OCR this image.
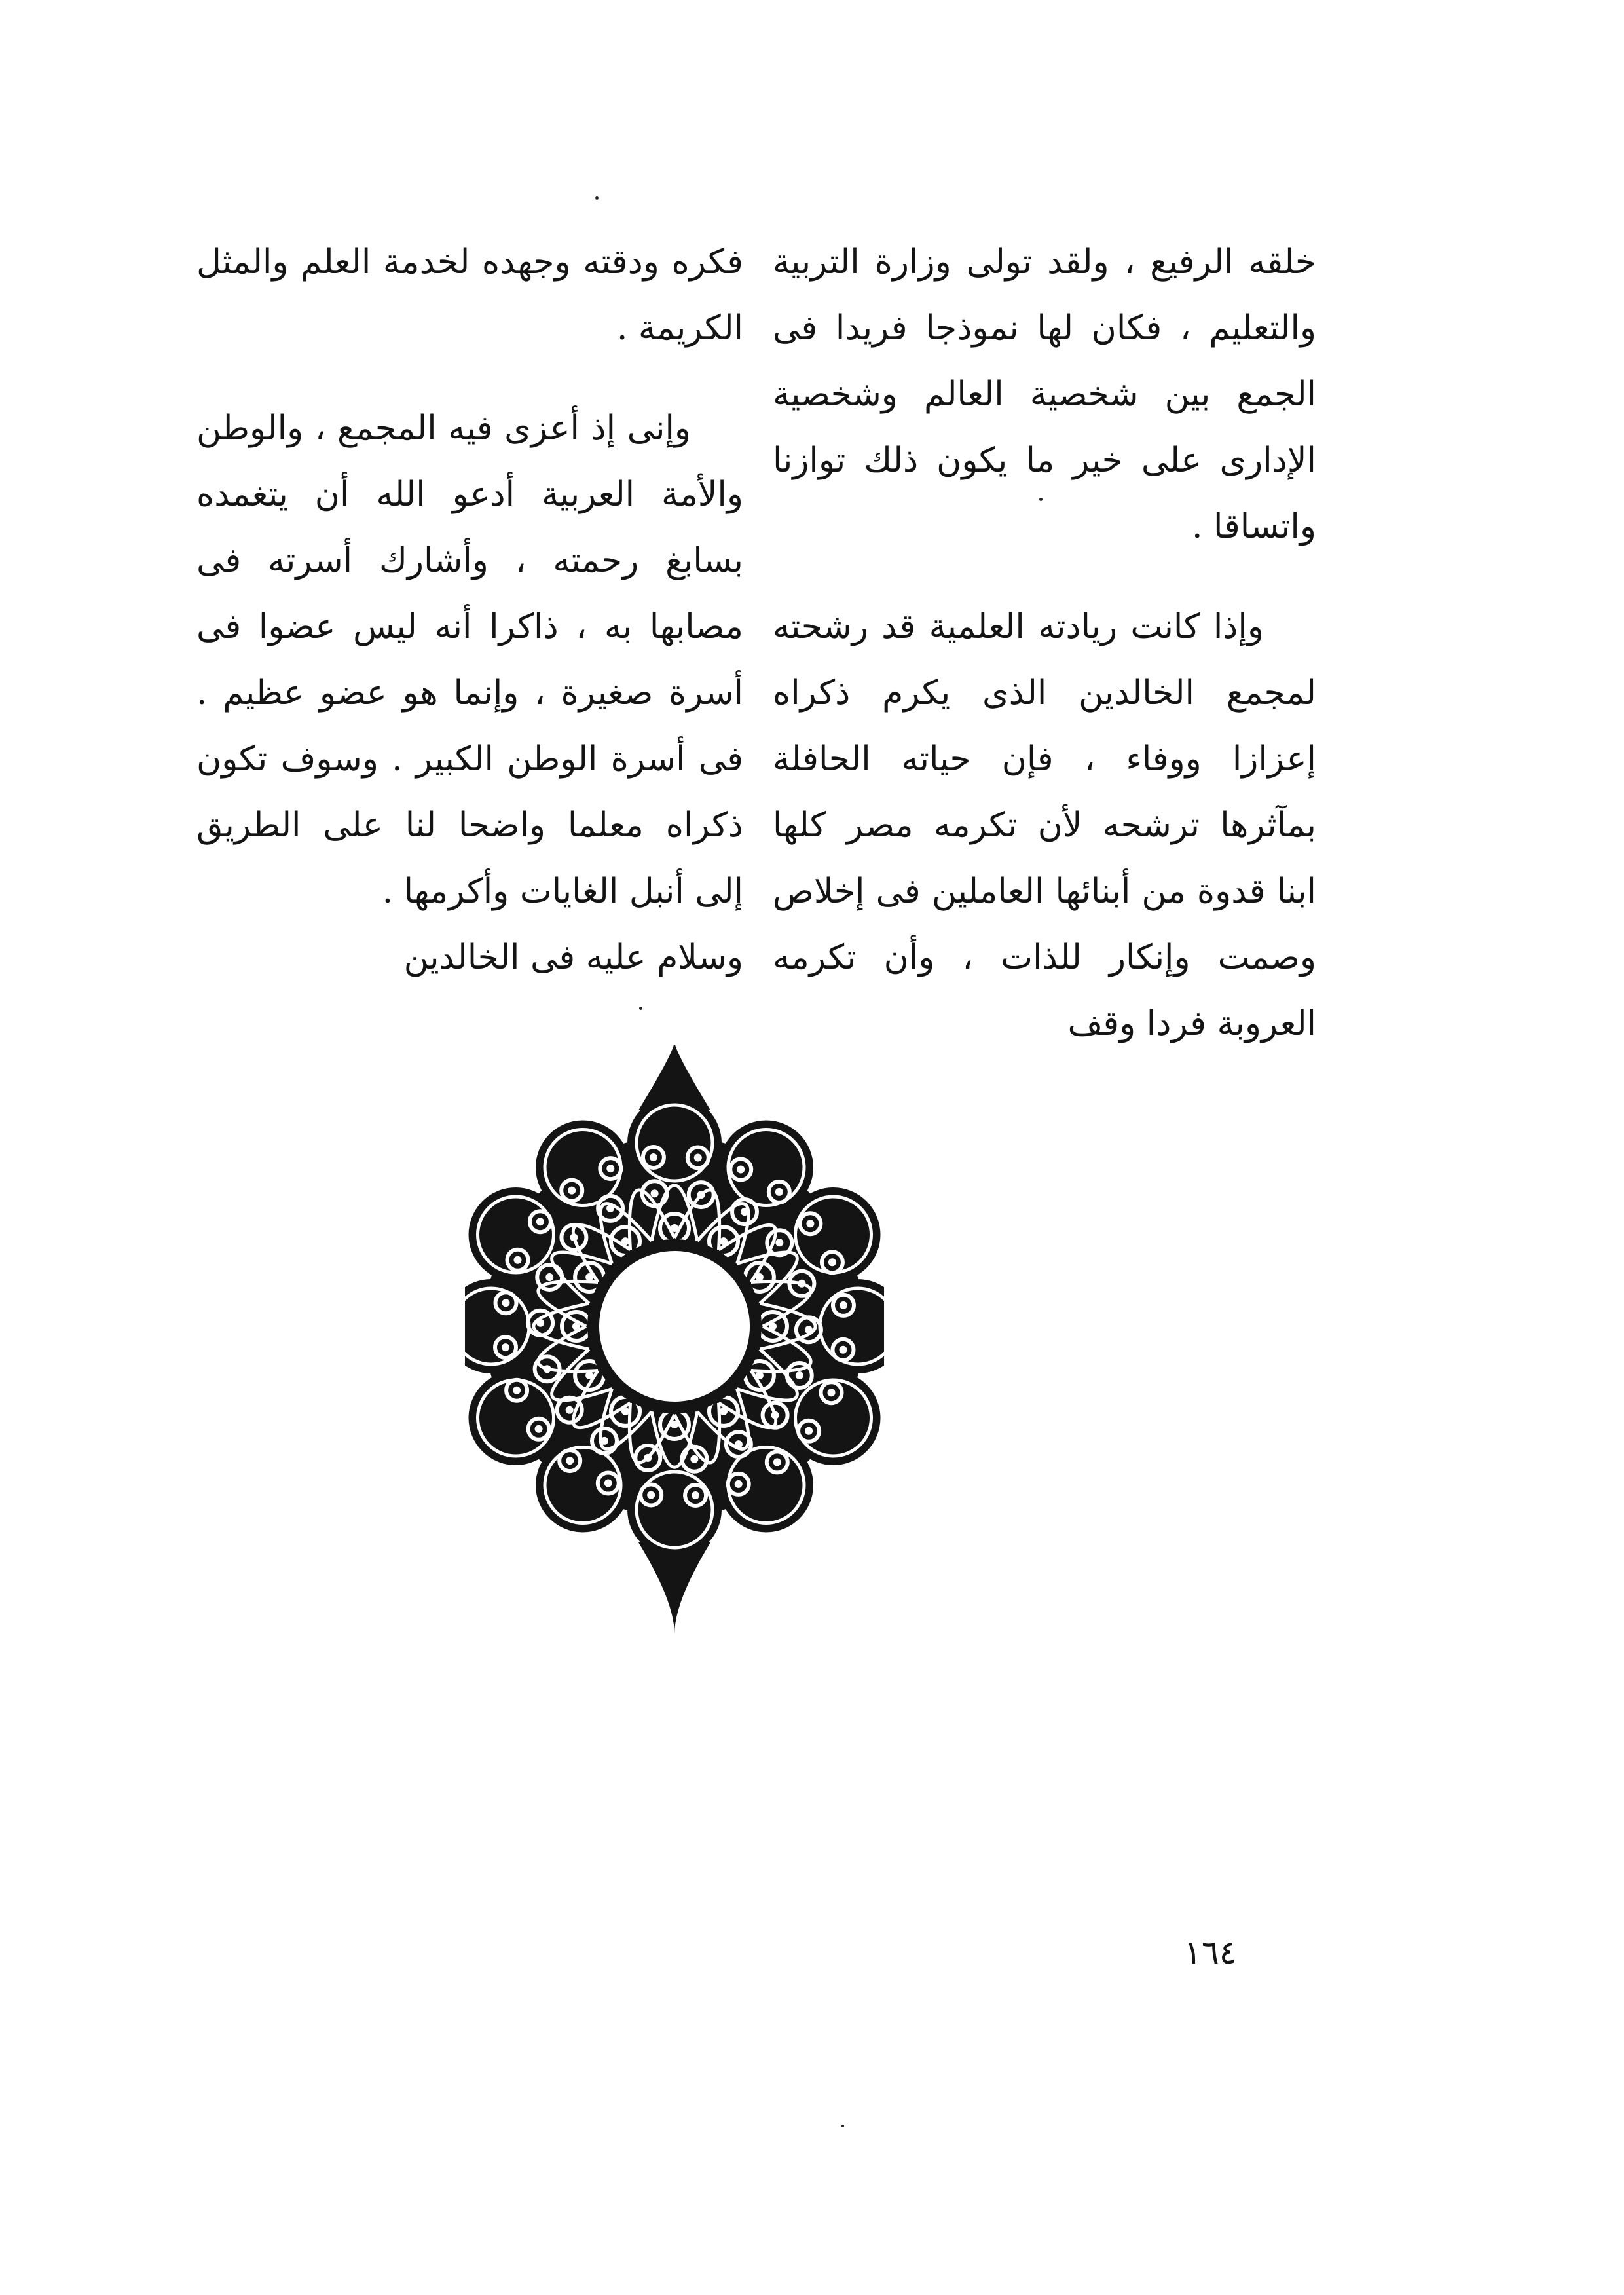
خلقه الرفيع ، ولقد تولى وزارة التربية والتعليم ، فكان لها نموذجا فريدا فى الجمع بين شخصية العالم وشخصية الإدارى على خير ما يكون ذلك توازنا واتساقا .

وإذا كانت ريادته العلمية قد رشحته لمجمع الخالدين الذى يكرم ذكراه إعزازا ووفاء ، فإن حياته الحافلة بمآثرها ترشحه لأن تكرمه مصر كلها ابنا قدوة من أبنائها العاملين فى إخلاص وصمت وإنكار للذات ، وأن تكرمه العروبة فردا وقف

فكره ودقته وجهده لخدمة العلم والمثل الكريمة .

وإنى إذ أعزى فيه المجمع ، والوطن والأمة العربية أدعو الله أن يتغمده بسابغ رحمته ، وأشارك أسرته فى مصابها به ، ذاكرا أنه ليس عضوا فى أسرة صغيرة ، وإنما هو عضو عظيم . فى أسرة الوطن الكبير . وسوف تكون ذكراه معلما واضحا لنا على الطريق إلى أنبل الغايات وأكرمها .

وسلام عليه فى الخالدين

١٦٤
